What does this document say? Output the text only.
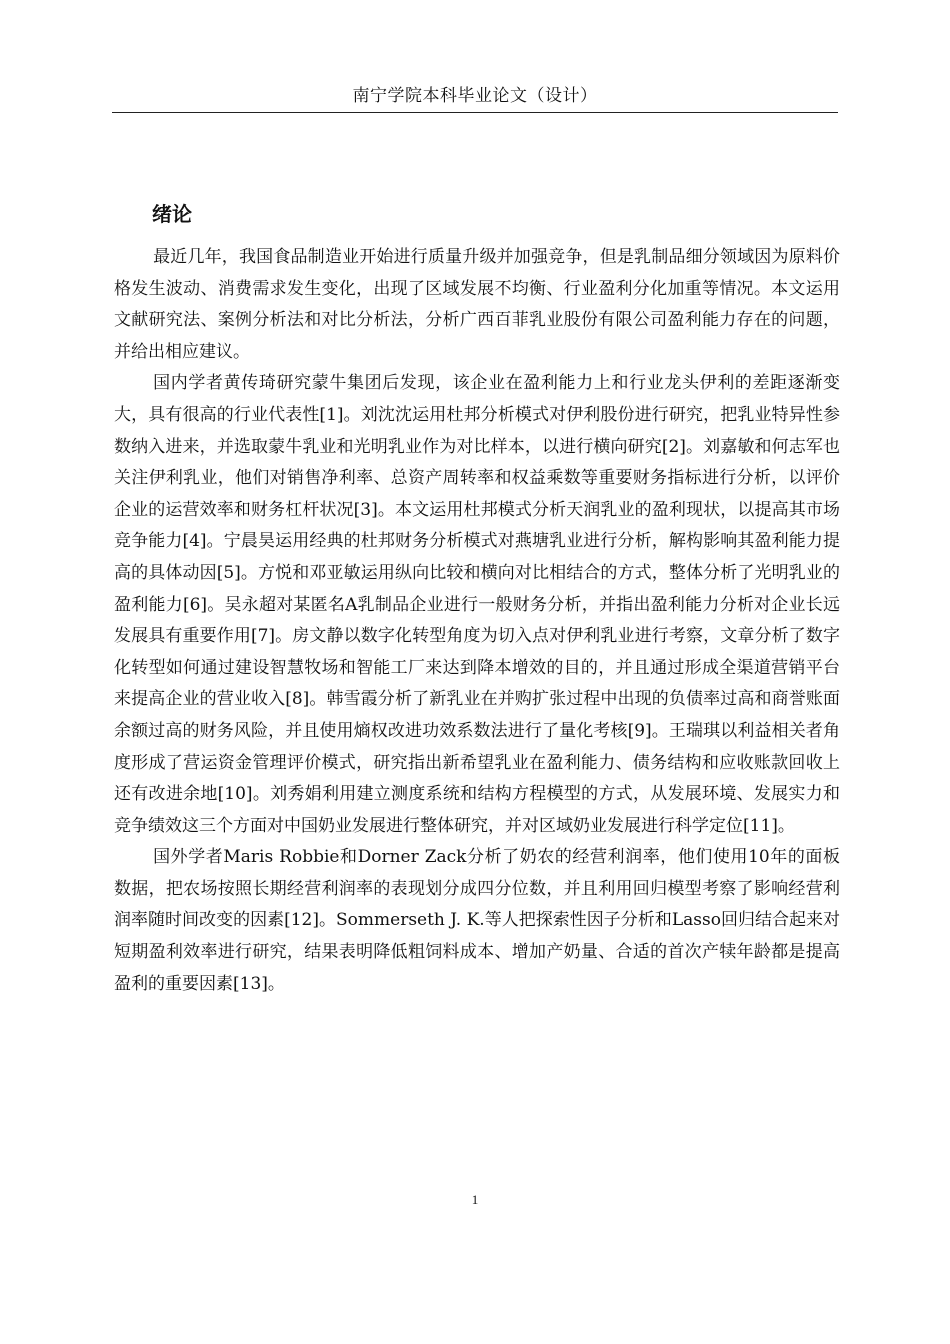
南宁学院本科毕业论文（设计）
绪论

最近几年，我国食品制造业开始进行质量升级并加强竞争，但是乳制品细分领域因为原料价格发生波动、消费需求发生变化，出现了区域发展不均衡、行业盈利分化加重等情况。本文运用文献研究法、案例分析法和对比分析法，分析广西百菲乳业股份有限公司盈利能力存在的问题，并给出相应建议。

国内学者黄传琦研究蒙牛集团后发现，该企业在盈利能力上和行业龙头伊利的差距逐渐变大，具有很高的行业代表性[1]。刘沈沈运用杜邦分析模式对伊利股份进行研究，把乳业特异性参数纳入进来，并选取蒙牛乳业和光明乳业作为对比样本，以进行横向研究[2]。刘嘉敏和何志军也关注伊利乳业，他们对销售净利率、总资产周转率和权益乘数等重要财务指标进行分析，以评价企业的运营效率和财务杠杆状况[3]。本文运用杜邦模式分析天润乳业的盈利现状，以提高其市场竞争能力[4]。宁晨昊运用经典的杜邦财务分析模式对燕塘乳业进行分析，解构影响其盈利能力提高的具体动因[5]。方悦和邓亚敏运用纵向比较和横向对比相结合的方式，整体分析了光明乳业的盈利能力[6]。吴永超对某匿名A乳制品企业进行一般财务分析，并指出盈利能力分析对企业长远发展具有重要作用[7]。房文静以数字化转型角度为切入点对伊利乳业进行考察，文章分析了数字化转型如何通过建设智慧牧场和智能工厂来达到降本增效的目的，并且通过形成全渠道营销平台来提高企业的营业收入[8]。韩雪霞分析了新乳业在并购扩张过程中出现的负债率过高和商誉账面余额过高的财务风险，并且使用熵权改进功效系数法进行了量化考核[9]。王瑞琪以利益相关者角度形成了营运资金管理评价模式，研究指出新希望乳业在盈利能力、债务结构和应收账款回收上还有改进余地[10]。刘秀娟利用建立测度系统和结构方程模型的方式，从发展环境、发展实力和竞争绩效这三个方面对中国奶业发展进行整体研究，并对区域奶业发展进行科学定位[11]。

国外学者Maris Robbie和Dorner Zack分析了奶农的经营利润率，他们使用10年的面板数据，把农场按照长期经营利润率的表现划分成四分位数，并且利用回归模型考察了影响经营利润率随时间改变的因素[12]。Sommerseth J. K.等人把探索性因子分析和Lasso回归结合起来对短期盈利效率进行研究，结果表明降低粗饲料成本、增加产奶量、合适的首次产犊年龄都是提高盈利的重要因素[13]。

1
